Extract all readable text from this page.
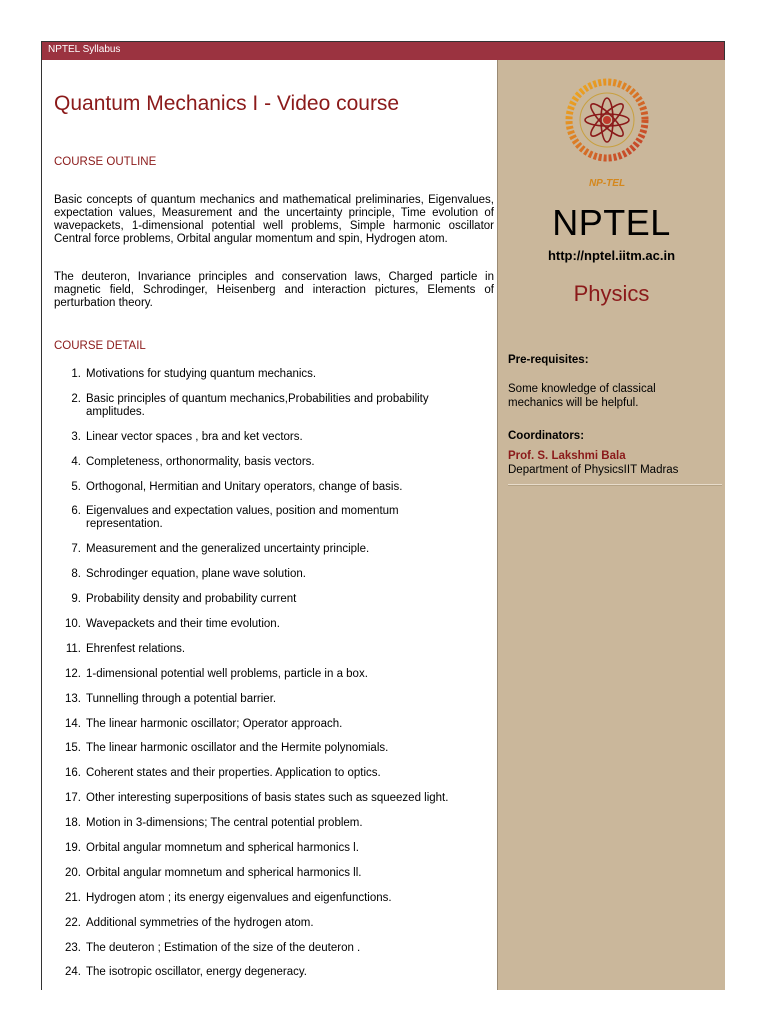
NPTEL Syllabus
Quantum Mechanics I - Video course
COURSE OUTLINE
Basic concepts of quantum mechanics and mathematical preliminaries, Eigenvalues, expectation values, Measurement and the uncertainty principle, Time evolution of wavepackets, 1-dimensional potential well problems, Simple harmonic oscillator Central force problems, Orbital angular momentum and spin, Hydrogen atom.
The deuteron, Invariance principles and conservation laws, Charged particle in magnetic field, Schrodinger, Heisenberg and interaction pictures, Elements of perturbation theory.
COURSE DETAIL
1. Motivations for studying quantum mechanics.
2. Basic principles of quantum mechanics,Probabilities and probability amplitudes.
3. Linear vector spaces , bra and ket vectors.
4. Completeness, orthonormality, basis vectors.
5. Orthogonal, Hermitian and Unitary operators, change of basis.
6. Eigenvalues and expectation values, position and momentum representation.
7. Measurement and the generalized uncertainty principle.
8. Schrodinger equation, plane wave solution.
9. Probability density and probability current
10. Wavepackets and their time evolution.
11. Ehrenfest relations.
12. 1-dimensional potential well problems, particle in a box.
13. Tunnelling through a potential barrier.
14. The linear harmonic oscillator; Operator approach.
15. The linear harmonic oscillator and the Hermite polynomials.
16. Coherent states and their properties. Application to optics.
17. Other interesting superpositions of basis states such as squeezed light.
18. Motion in 3-dimensions; The central potential problem.
19. Orbital angular momnetum and spherical harmonics l.
20. Orbital angular momnetum and spherical harmonics ll.
21. Hydrogen atom ; its energy eigenvalues and eigenfunctions.
22. Additional symmetries of the hydrogen atom.
23. The deuteron ; Estimation of the size of the deuteron .
24. The isotropic oscillator, energy degeneracy.
NP-TEL
NPTEL
http://nptel.iitm.ac.in
Physics
Pre-requisites:
Some knowledge of classical mechanics will be helpful.
Coordinators:
Prof. S. Lakshmi Bala
Department of PhysicsIIT Madras
